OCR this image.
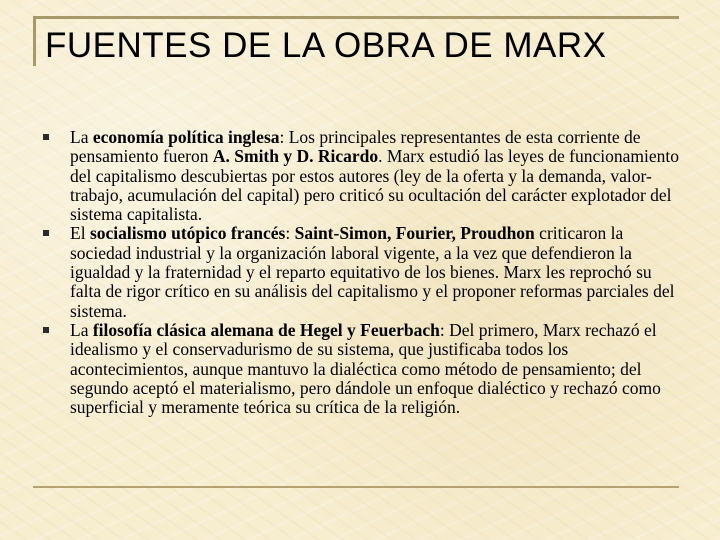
FUENTES DE LA OBRA DE MARX
La economía política inglesa: Los principales representantes de esta corriente de pensamiento fueron A. Smith y D. Ricardo. Marx estudió las leyes de funcionamiento del capitalismo descubiertas por estos autores (ley de la oferta y la demanda, valor-trabajo, acumulación del capital) pero criticó su ocultación del carácter explotador del sistema capitalista.
El socialismo utópico francés: Saint-Simon, Fourier, Proudhon criticaron la sociedad industrial y la organización laboral vigente, a la vez que defendieron la igualdad y la fraternidad y el reparto equitativo de los bienes. Marx les reprochó su falta de rigor crítico en su análisis del capitalismo y el proponer reformas parciales del sistema.
La filosofía clásica alemana de Hegel y Feuerbach: Del primero, Marx rechazó el idealismo y el conservadurismo de su sistema, que justificaba todos los acontecimientos, aunque mantuvo la dialéctica como método de pensamiento; del segundo aceptó el materialismo, pero dándole un enfoque dialéctico y rechazó como superficial y meramente teórica su crítica de la religión.
